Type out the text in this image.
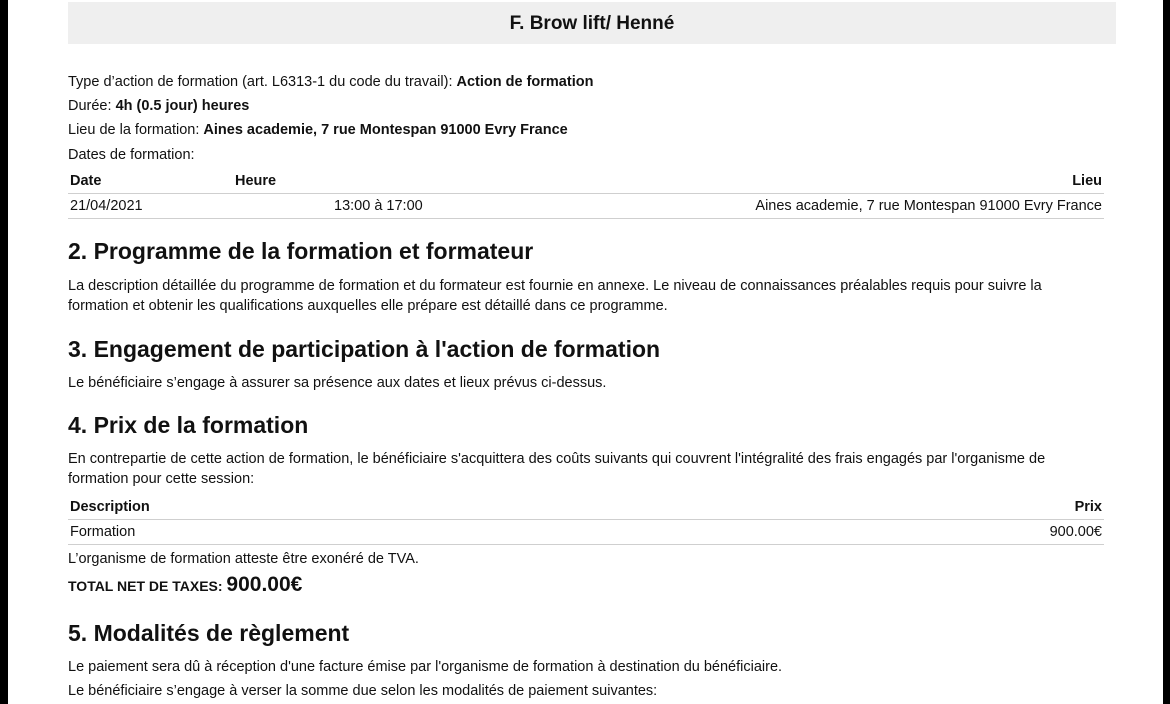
F. Brow lift/ Henné
Type d’action de formation (art. L6313-1 du code du travail): Action de formation
Durée: 4h (0.5 jour) heures
Lieu de la formation: Aines academie, 7 rue Montespan 91000 Evry France
Dates de formation:
Date	Heure	Lieu
21/04/2021	13:00 à 17:00	Aines academie, 7 rue Montespan 91000 Evry France
2. Programme de la formation et formateur
La description détaillée du programme de formation et du formateur est fournie en annexe. Le niveau de connaissances préalables requis pour suivre la formation et obtenir les qualifications auxquelles elle prépare est détaillé dans ce programme.
3. Engagement de participation à l'action de formation
Le bénéficiaire s’engage à assurer sa présence aux dates et lieux prévus ci-dessus.
4. Prix de la formation
En contrepartie de cette action de formation, le bénéficiaire s'acquittera des coûts suivants qui couvrent l'intégralité des frais engagés par l'organisme de formation pour cette session:
Description	Prix
Formation	900.00€
L’organisme de formation atteste être exonéré de TVA.
TOTAL NET DE TAXES: 900.00€
5. Modalités de règlement
Le paiement sera dû à réception d'une facture émise par l'organisme de formation à destination du bénéficiaire.
Le bénéficiaire s’engage à verser la somme due selon les modalités de paiement suivantes:
